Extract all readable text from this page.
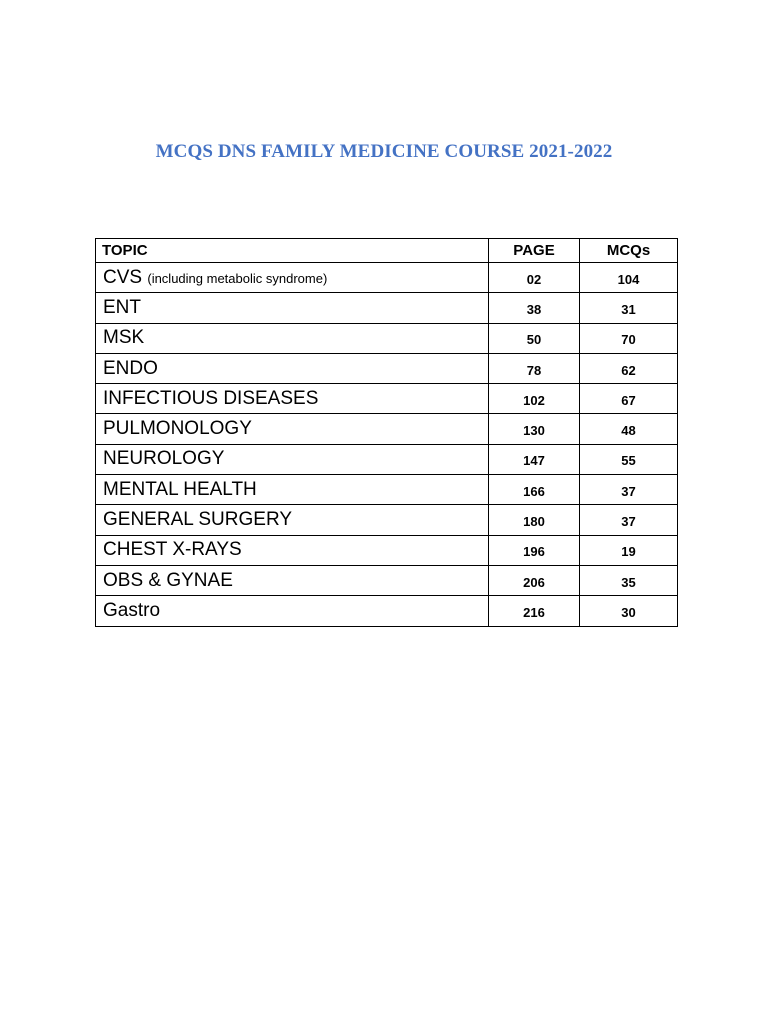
MCQS DNS FAMILY MEDICINE COURSE 2021-2022
TOPIC	PAGE	MCQs
CVS (including metabolic syndrome)	02	104
ENT	38	31
MSK	50	70
ENDO	78	62
INFECTIOUS DISEASES	102	67
PULMONOLOGY	130	48
NEUROLOGY	147	55
MENTAL HEALTH	166	37
GENERAL SURGERY	180	37
CHEST X-RAYS	196	19
OBS & GYNAE	206	35
Gastro	216	30
